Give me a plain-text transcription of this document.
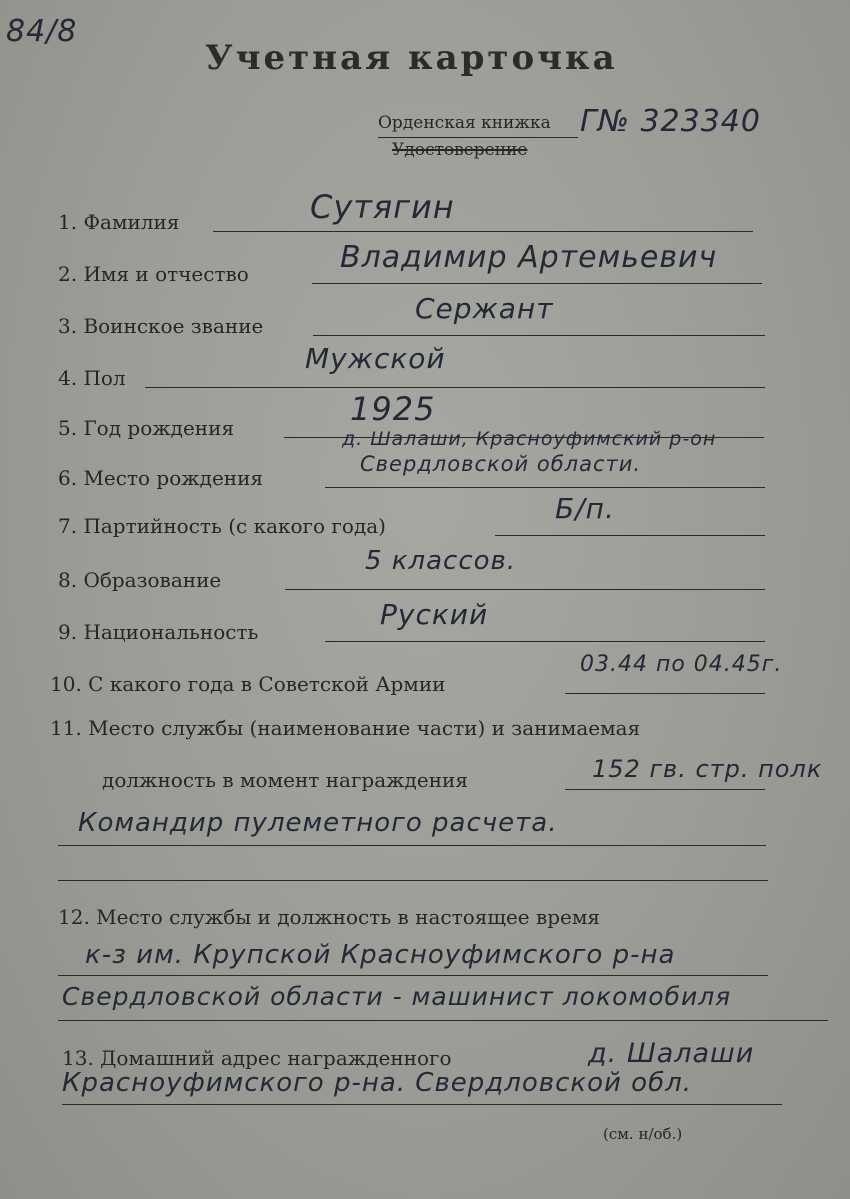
84/8
Учетная карточка
Орденская книжка
Удостоверение
Г№ 323340
1. Фамилия	Сутягин
2. Имя и отчество	Владимир Артемьевич
3. Воинское звание
Сержант
4. Пол
Мужской
5. Год рождения	1925
6. Место рождения
д. Шалаши, Красноуфимский р-он
Свердловской области.
7. Партийность (с какого года)
Б/п.
8. Образование
5 классов.
9. Национальность
Руский
10. С какого года в Советской Армии
03.44 по 04.45г.
11. Место службы (наименование части) и занимаемая
должность в момент награждения	152 гв. стр. полк
Командир пулеметного расчета.
12. Место службы и должность в настоящее время
к-з им. Крупской Красноуфимского р-на
Свердловской области - машинист локомобиля
13. Домашний адрес награжденного	д. Шалаши
Красноуфимского р-на. Свердловской обл.
(см. н/об.)
